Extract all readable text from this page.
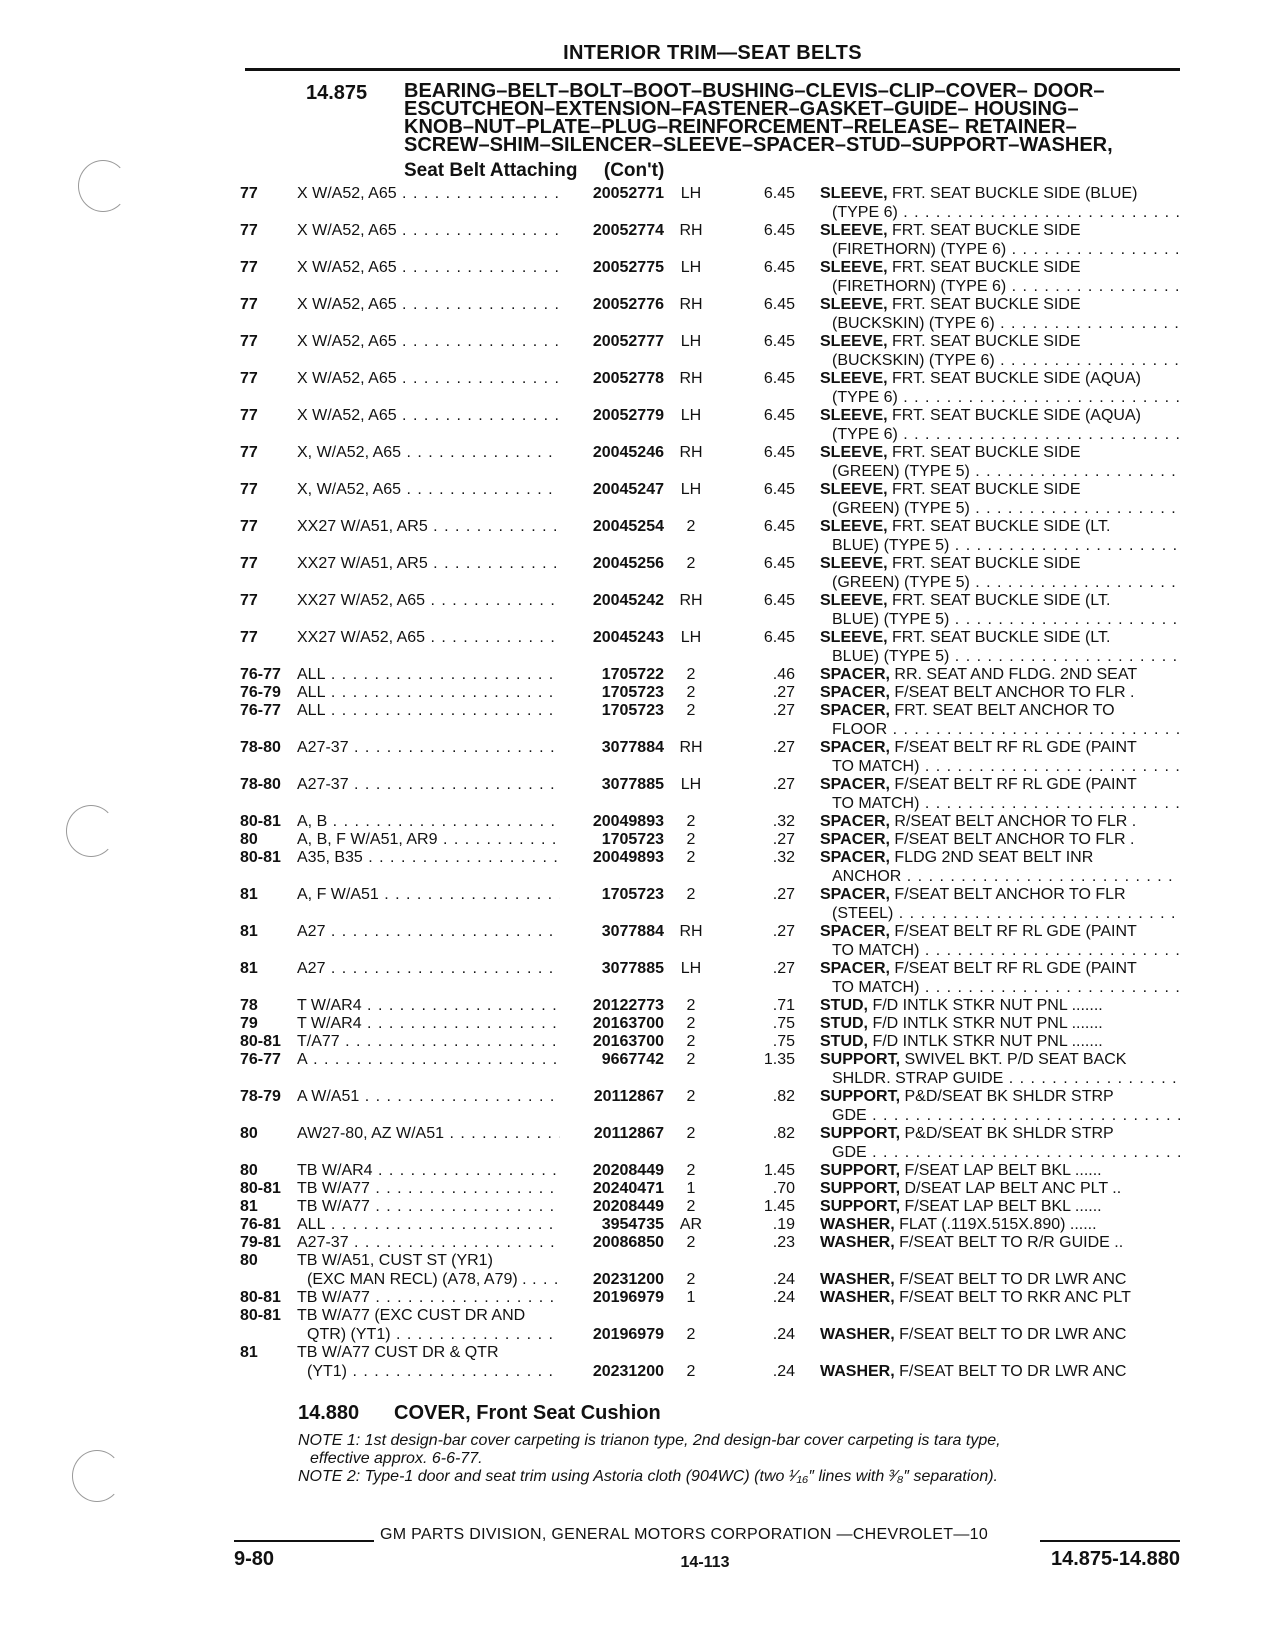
INTERIOR TRIM—SEAT BELTS
14.875 BEARING–BELT–BOLT–BOOT–BUSHING–CLEVIS–CLIP–COVER– DOOR–
ESCUTCHEON–EXTENSION–FASTENER–GASKET–GUIDE– HOUSING–
KNOB–NUT–PLATE–PLUG–REINFORCEMENT–RELEASE– RETAINER–
SCREW–SHIM–SILENCER–SLEEVE–SPACER–STUD–SUPPORT–WASHER,
Seat Belt Attaching     (Con't)
77 X W/A52, A65 . . .	20052771 LH	6.45 SLEEVE, FRT. SEAT BUCKLE SIDE (BLUE)
(TYPE 6) . . .
77 X W/A52, A65 . . .	20052774 RH	6.45 SLEEVE, FRT. SEAT BUCKLE SIDE
(FIRETHORN) (TYPE 6) . . .
77 X W/A52, A65 . . .	20052775 LH	6.45 SLEEVE, FRT. SEAT BUCKLE SIDE
(FIRETHORN) (TYPE 6) . . .
77 X W/A52, A65 . . .	20052776 RH	6.45 SLEEVE, FRT. SEAT BUCKLE SIDE
(BUCKSKIN) (TYPE 6) . . .
77 X W/A52, A65 . . .	20052777 LH	6.45 SLEEVE, FRT. SEAT BUCKLE SIDE
(BUCKSKIN) (TYPE 6) . . .
77 X W/A52, A65 . . .	20052778 RH	6.45 SLEEVE, FRT. SEAT BUCKLE SIDE (AQUA)
(TYPE 6) . . .
77 X W/A52, A65 . . .	20052779 LH	6.45 SLEEVE, FRT. SEAT BUCKLE SIDE (AQUA)
(TYPE 6) . . .
77 X, W/A52, A65 . . .	20045246 RH	6.45 SLEEVE, FRT. SEAT BUCKLE SIDE
(GREEN) (TYPE 5) . . .
77 X, W/A52, A65 . . .	20045247 LH	6.45 SLEEVE, FRT. SEAT BUCKLE SIDE
(GREEN) (TYPE 5) . . .
77 XX27 W/A51, AR5 . . .	20045254	2	6.45 SLEEVE, FRT. SEAT BUCKLE SIDE (LT.
BLUE) (TYPE 5) . . .
77 XX27 W/A51, AR5 . . .	20045256	2	6.45 SLEEVE, FRT. SEAT BUCKLE SIDE
(GREEN) (TYPE 5) . . .
77 XX27 W/A52, A65 . . .	20045242 RH	6.45 SLEEVE, FRT. SEAT BUCKLE SIDE (LT.
BLUE) (TYPE 5) . . .
77 XX27 W/A52, A65 . . .	20045243 LH	6.45 SLEEVE, FRT. SEAT BUCKLE SIDE (LT.
BLUE) (TYPE 5) . . .
76-77 ALL . . .	1705722	2	.46 SPACER, RR. SEAT AND FLDG. 2ND SEAT
76-79 ALL . . .	1705723	2	.27 SPACER, F/SEAT BELT ANCHOR TO FLR .
76-77 ALL . . .	1705723	2	.27 SPACER, FRT. SEAT BELT ANCHOR TO
FLOOR . . .
78-80 A27-37 . . .	3077884 RH	.27 SPACER, F/SEAT BELT RF RL GDE (PAINT
TO MATCH) . . .
78-80 A27-37 . . .	3077885 LH	.27 SPACER, F/SEAT BELT RF RL GDE (PAINT
TO MATCH) . . .
80-81 A, B . . .	20049893	2	.32 SPACER, R/SEAT BELT ANCHOR TO FLR .
80 A, B, F W/A51, AR9 . . .	1705723	2	.27 SPACER, F/SEAT BELT ANCHOR TO FLR .
80-81 A35, B35 . . .	20049893	2	.32 SPACER, FLDG 2ND SEAT BELT INR
ANCHOR . . .
81 A, F W/A51 . . .	1705723	2	.27 SPACER, F/SEAT BELT ANCHOR TO FLR
(STEEL) . . .
81 A27 . . .	3077884 RH	.27 SPACER, F/SEAT BELT RF RL GDE (PAINT
TO MATCH) . . .
81 A27 . . .	3077885 LH	.27 SPACER, F/SEAT BELT RF RL GDE (PAINT
TO MATCH) . . .
78 T W/AR4 . . .	20122773	2	.71 STUD, F/D INTLK STKR NUT PNL .......
79 T W/AR4 . . .	20163700	2	.75 STUD, F/D INTLK STKR NUT PNL .......
80-81 T/A77 . . .	20163700	2	.75 STUD, F/D INTLK STKR NUT PNL .......
76-77 A . . .	9667742	2	1.35 SUPPORT, SWIVEL BKT. P/D SEAT BACK
SHLDR. STRAP GUIDE . . .
78-79 A W/A51 . . .	20112867	2	.82 SUPPORT, P&D/SEAT BK SHLDR STRP
GDE . . .
80 AW27-80, AZ W/A51 . . .	20112867	2	.82 SUPPORT, P&D/SEAT BK SHLDR STRP
GDE . . .
80 TB W/AR4 . . .	20208449	2	1.45 SUPPORT, F/SEAT LAP BELT BKL ......
80-81 TB W/A77 . . .	20240471	1	.70 SUPPORT, D/SEAT LAP BELT ANC PLT ..
81 TB W/A77 . . .	20208449	2	1.45 SUPPORT, F/SEAT LAP BELT BKL ......
76-81 ALL . . .	3954735 AR	.19 WASHER, FLAT (.119X.515X.890) ......
79-81 A27-37 . . .	20086850	2	.23 WASHER, F/SEAT BELT TO R/R GUIDE ..
80 TB W/A51, CUST ST (YR1)
(EXC MAN RECL) (A78, A79) . . . .	20231200	2	.24 WASHER, F/SEAT BELT TO DR LWR ANC
80-81 TB W/A77 . . .	20196979	1	.24 WASHER, F/SEAT BELT TO RKR ANC PLT
80-81 TB W/A77 (EXC CUST DR AND
QTR) (YT1) . . .	20196979	2	.24 WASHER, F/SEAT BELT TO DR LWR ANC
81 TB W/A77 CUST DR & QTR
(YT1) . . .	20231200	2	.24 WASHER, F/SEAT BELT TO DR LWR ANC
14.880 COVER, Front Seat Cushion
NOTE 1: 1st design-bar cover carpeting is trianon type, 2nd design-bar cover carpeting is tara type,
effective approx. 6-6-77.
NOTE 2: Type-1 door and seat trim using Astoria cloth (904WC) (two ¹⁄₁₆″ lines with ³⁄₈″ separation).
GM PARTS DIVISION, GENERAL MOTORS CORPORATION —CHEVROLET—10
9-80	14-113	14.875-14.880
